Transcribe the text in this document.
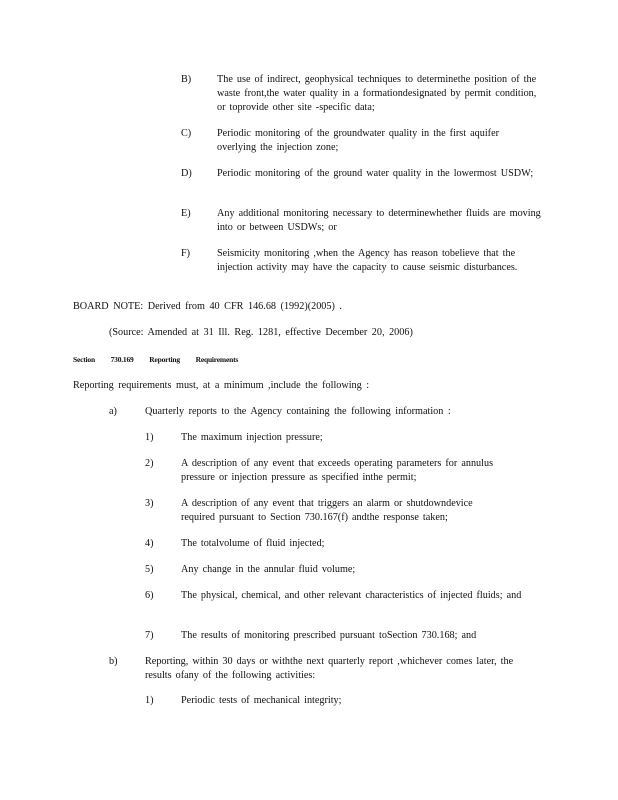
B)	The use of indirect, geophysical techniques to determinethe position of the waste front,the water quality in a formationdesignated by permit condition, or toprovide other site -specific data;
C)	Periodic monitoring of the groundwater quality in the first aquifer overlying the injection zone;
D) Periodic monitoring of the ground water quality in the lowermost USDW;
E)	Any additional monitoring necessary to determinewhether fluids are moving into or between USDWs; or
F)	Seismicity monitoring ,when the Agency has reason tobelieve that the injection activity may have the capacity to cause seismic disturbances.
BOARD NOTE: Derived from 40 CFR 146.68 (1992)(2005) .
(Source: Amended at 31 Ill. Reg. 1281, effective December 20, 2006)
Section 730.169 Reporting Requirements
Reporting requirements must, at a minimum ,include the following :
a)	Quarterly reports to the Agency containing the following information :
1)	The maximum injection pressure;
2)	A description of any event that exceeds operating parameters for annulus pressure or injection pressure as specified inthe permit;
3)	A description of any event that triggers an alarm or shutdowndevice required pursuant to Section 730.167(f) andthe response taken;
4)	The totalvolume of fluid injected;
5)	Any change in the annular fluid volume;
6)	The physical, chemical, and other relevant characteristics of injected fluids; and
7)	The results of monitoring prescribed pursuant toSection 730.168; and
b)	Reporting, within 30 days or withthe next quarterly report ,whichever comes later, the results ofany of the following activities:
1)	Periodic tests of mechanical integrity;
